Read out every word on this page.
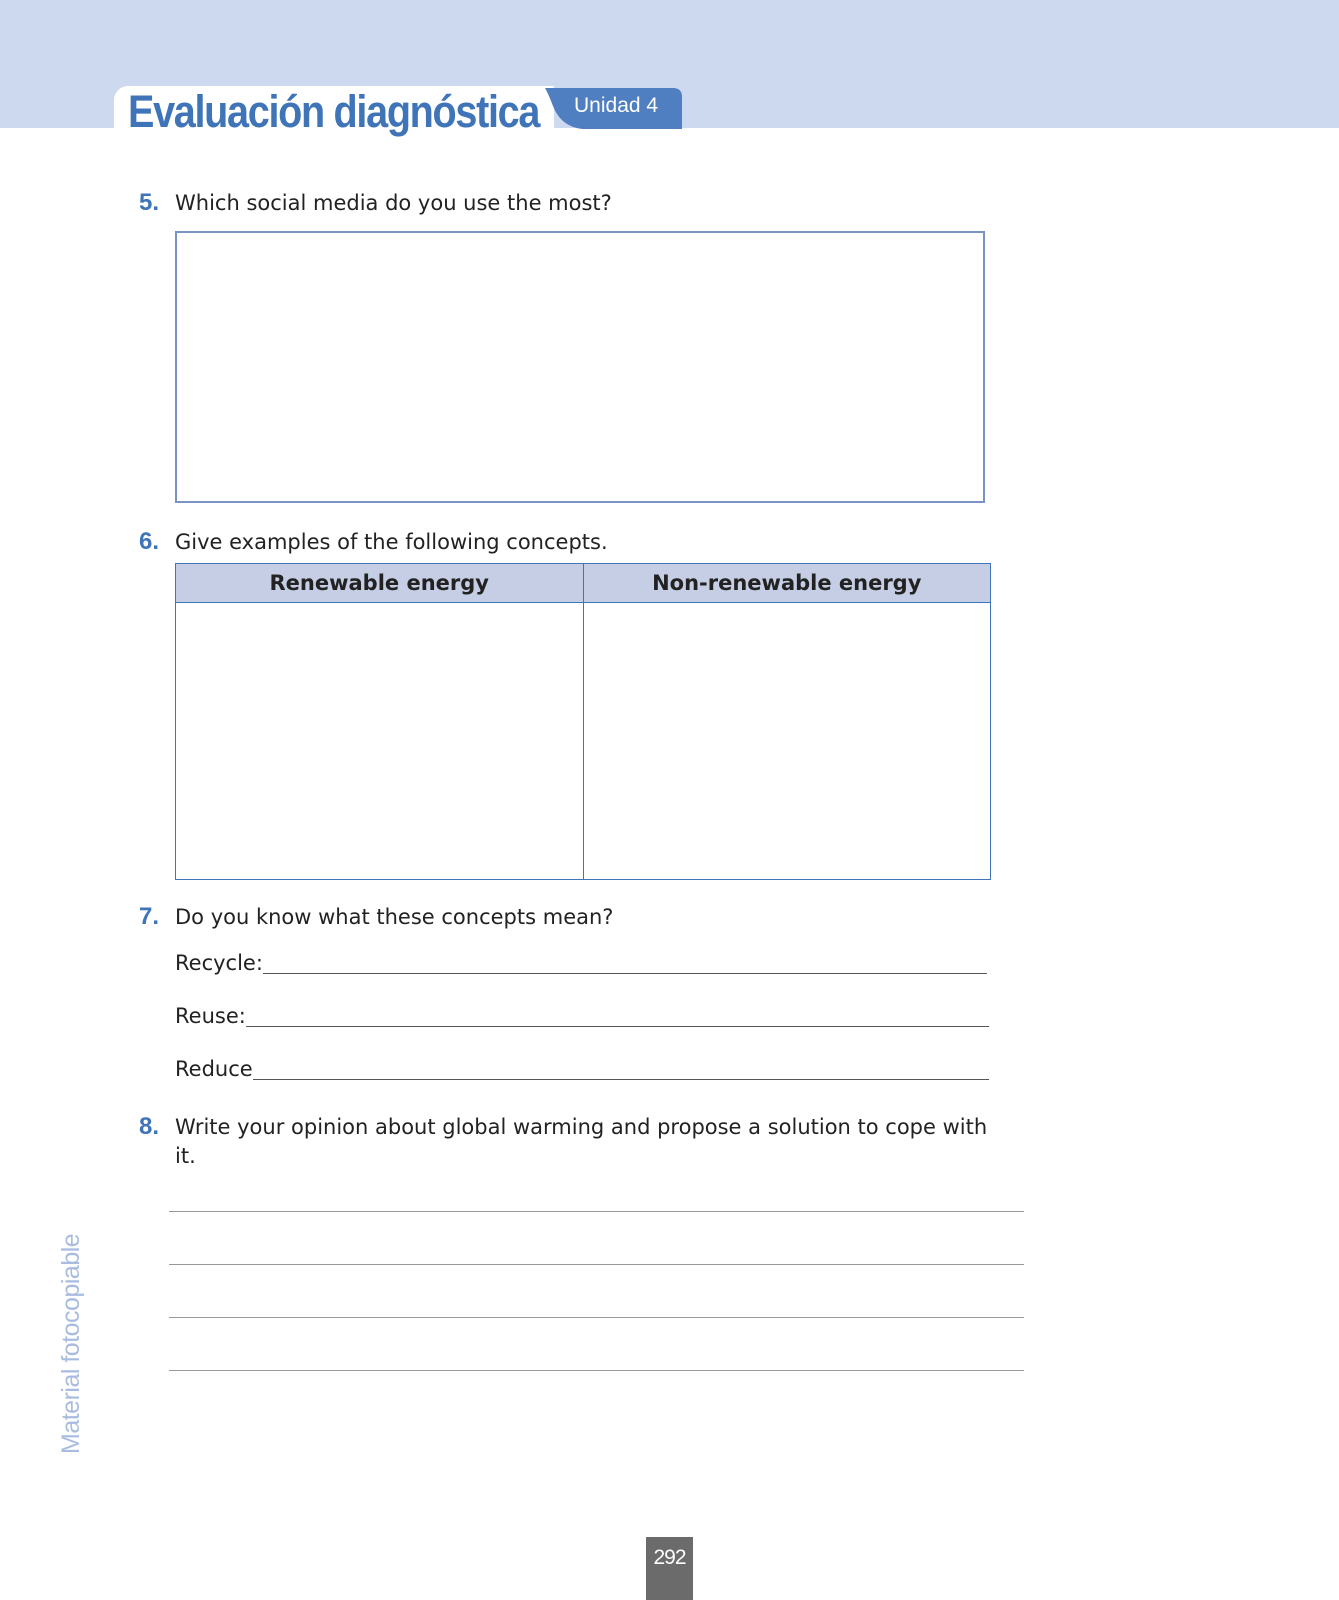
Evaluación diagnóstica Unidad 4
5. Which social media do you use the most?
6. Give examples of the following concepts.
Renewable energy	Non-renewable energy

7. Do you know what these concepts mean?
Recycle:
Reuse:
Reduce
8. Write your opinion about global warming and propose a solution to cope with it.
Material fotocopiable
292
